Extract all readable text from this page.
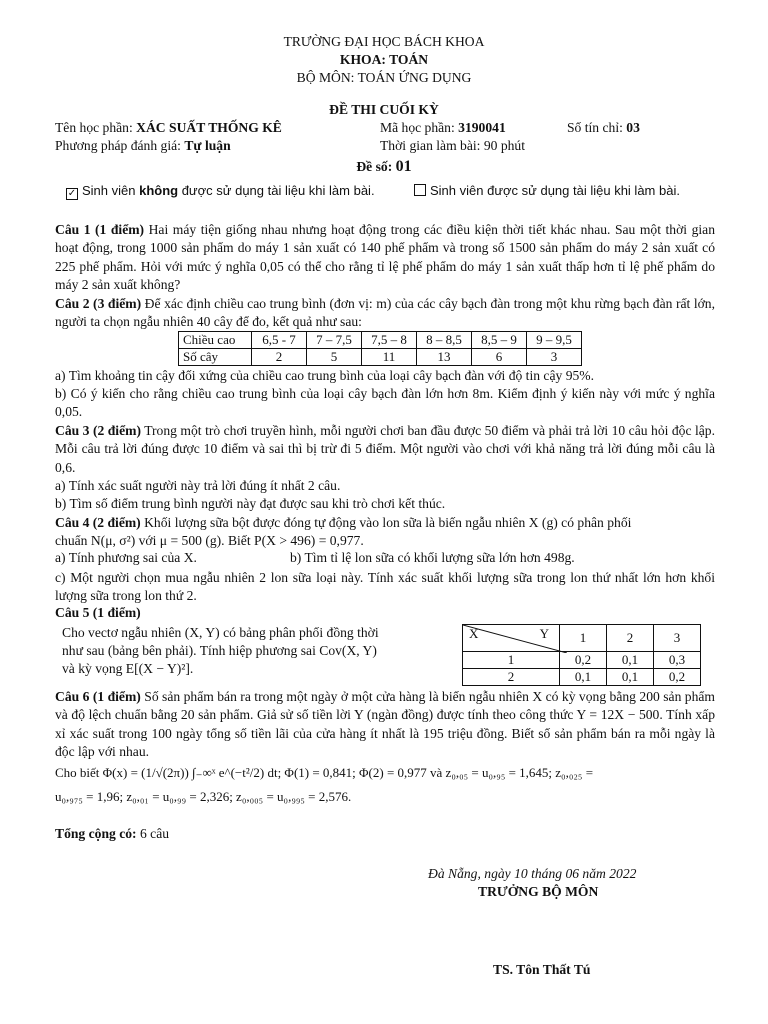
TRƯỜNG ĐẠI HỌC BÁCH KHOA
KHOA: TOÁN
BỘ MÔN: TOÁN ỨNG DỤNG
ĐỀ THI CUỐI KỲ
Tên học phần: XÁC SUẤT THỐNG KÊ	Mã học phần: 3190041	Số tín chỉ: 03
Phương pháp đánh giá: Tự luận	Thời gian làm bài: 90 phút
Đề số: 01
✓ Sinh viên không được sử dụng tài liệu khi làm bài.	Sinh viên được sử dụng tài liệu khi làm bài.
Câu 1 (1 điểm) Hai máy tiện giống nhau nhưng hoạt động trong các điều kiện thời tiết khác nhau. Sau một thời gian hoạt động, trong 1000 sản phẩm do máy 1 sản xuất có 140 phế phẩm và trong số 1500 sản phẩm do máy 2 sản xuất có 225 phế phẩm. Hỏi với mức ý nghĩa 0,05 có thể cho rằng tỉ lệ phế phẩm do máy 1 sản xuất thấp hơn tỉ lệ phế phẩm do máy 2 sản xuất không?
Câu 2 (3 điểm) Để xác định chiều cao trung bình (đơn vị: m) của các cây bạch đàn trong một khu rừng bạch đàn rất lớn, người ta chọn ngẫu nhiên 40 cây để đo, kết quả như sau:
Chiều cao	6,5 - 7	7 – 7,5	7,5 – 8	8 – 8,5	8,5 – 9	9 – 9,5
Số cây	2	5	11	13	6	3
a) Tìm khoảng tin cậy đối xứng của chiều cao trung bình của loại cây bạch đàn với độ tin cậy 95%.
b) Có ý kiến cho rằng chiều cao trung bình của loại cây bạch đàn lớn hơn 8m. Kiểm định ý kiến này với mức ý nghĩa 0,05.
Câu 3 (2 điểm) Trong một trò chơi truyền hình, mỗi người chơi ban đầu được 50 điểm và phải trả lời 10 câu hỏi độc lập. Mỗi câu trả lời đúng được 10 điểm và sai thì bị trừ đi 5 điểm. Một người vào chơi với khả năng trả lời đúng mỗi câu là 0,6.
a) Tính xác suất người này trả lời đúng ít nhất 2 câu.
b) Tìm số điểm trung bình người này đạt được sau khi trò chơi kết thúc.
Câu 4 (2 điểm) Khối lượng sữa bột được đóng tự động vào lon sữa là biến ngẫu nhiên X (g) có phân phối
chuẩn N(μ, σ²) với μ = 500 (g). Biết P(X > 496) = 0,977.
a) Tính phương sai của X.	b) Tìm tỉ lệ lon sữa có khối lượng sữa lớn hơn 498g.
c) Một người chọn mua ngẫu nhiên 2 lon sữa loại này. Tính xác suất khối lượng sữa trong lon thứ nhất lớn hơn khối lượng sữa trong lon thứ 2.
Câu 5 (1 điểm)
Cho vectơ ngẫu nhiên (X, Y) có bảng phân phối đồng thời
như sau (bảng bên phải). Tính hiệp phương sai Cov(X, Y)
và kỳ vọng E[(X − Y)²].
X Y	1	2	3
1	0,2	0,1	0,3
2	0,1	0,1	0,2
Câu 6 (1 điểm) Số sản phẩm bán ra trong một ngày ở một cửa hàng là biến ngẫu nhiên X có kỳ vọng bằng 200 sản phẩm và độ lệch chuẩn bằng 20 sản phẩm. Giả sử số tiền lời Y (ngàn đồng) được tính theo công thức Y = 12X − 500. Tính xấp xỉ xác suất trong 100 ngày tổng số tiền lãi của cửa hàng ít nhất là 195 triệu đồng. Biết số sản phẩm bán ra mỗi ngày là độc lập với nhau.
Cho biết Φ(x) = (1/√(2π)) ∫₋∞ˣ e^(−t²/2) dt; Φ(1) = 0,841; Φ(2) = 0,977 và z₀,₀₅ = u₀,₉₅ = 1,645; z₀,₀₂₅ =
u₀,₉₇₅ = 1,96; z₀,₀₁ = u₀,₉₉ = 2,326; z₀,₀₀₅ = u₀,₉₉₅ = 2,576.
Tổng cộng có: 6 câu
Đà Nẵng, ngày 10 tháng 06 năm 2022
TRƯỞNG BỘ MÔN
TS. Tôn Thất Tú
